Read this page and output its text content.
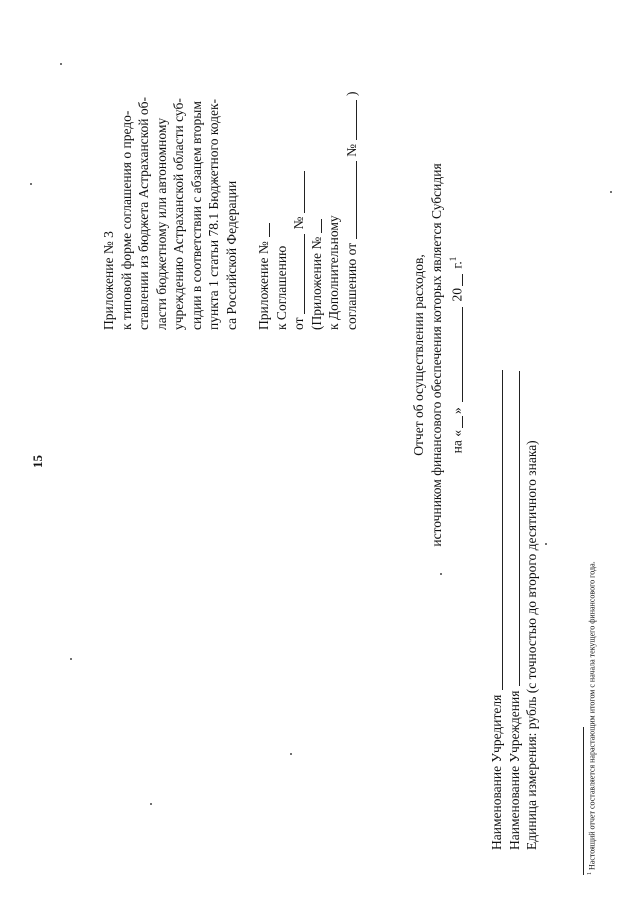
15
Приложение № 3 к типовой форме соглашения о предо- ставлении из бюджета Астраханской об- ласти бюджетному или автономному учреждению Астраханской области суб- сидии в соответствии с абзацем вторым пункта 1 статьи 78.1 Бюджетного кодек- са Российской Федерации Приложение № к Соглашению от
№
(Приложение № к Дополнительному соглашению от
№
)
Отчет об осуществлении расходов, источником финансового обеспечения которых является Субсидия на «»  20 г.$^1$
Наименование Учредителя Наименование Учреждения Единица измерения: рубль (с точностью до второго десятичного знака)
$^1$ Настоящий отчет составляется нарастающим итогом с начала текущего финансового года.
